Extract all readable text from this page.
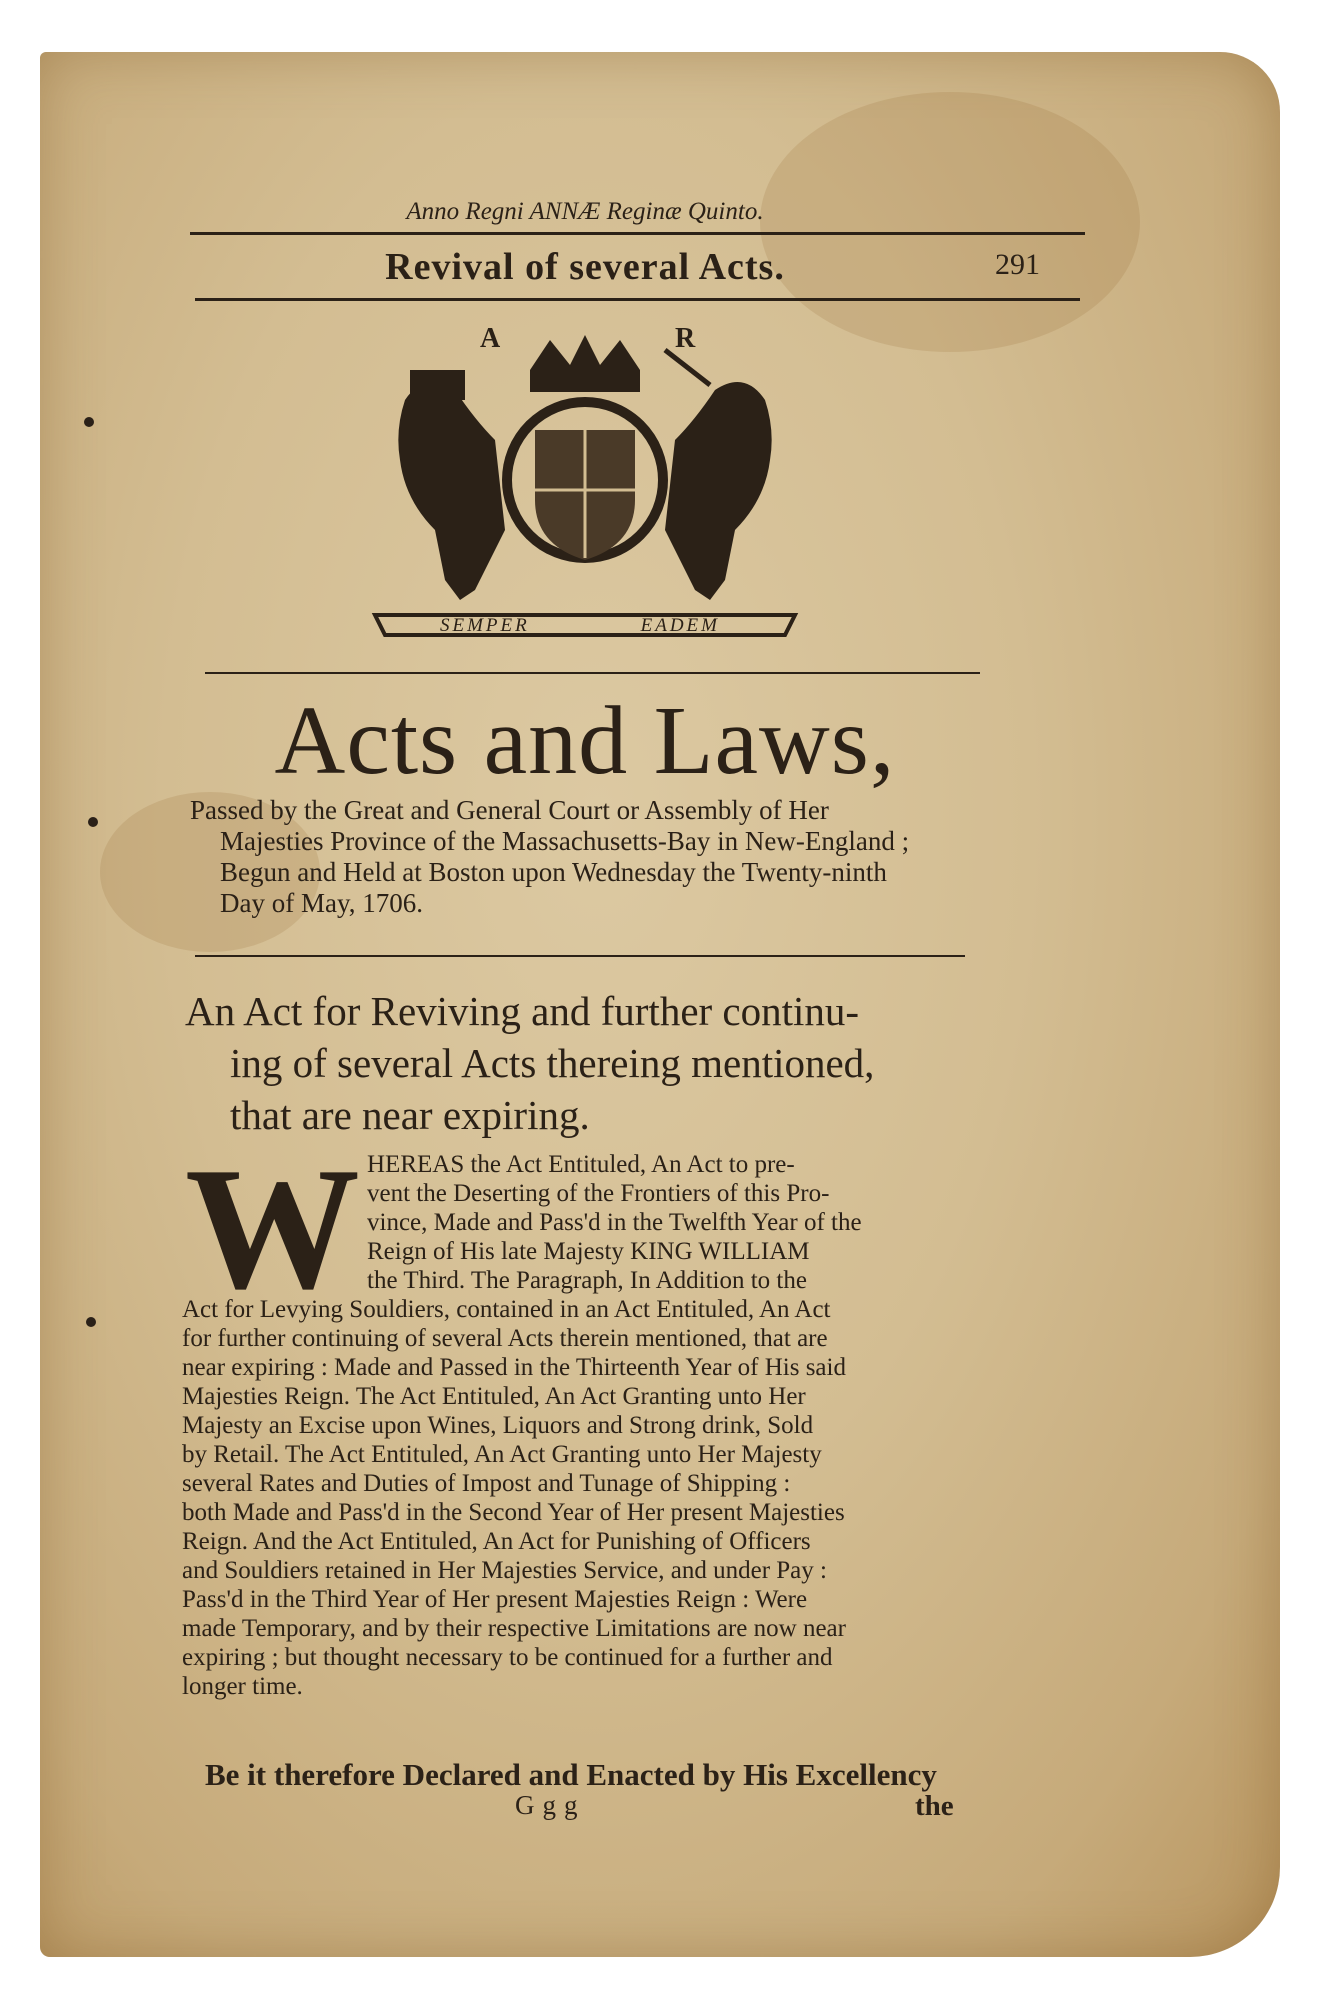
Anno Regni ANNÆ Reginæ Quinto.
Revival of several Acts.	291
A	R
SEMPER	EADEM
Acts and Laws,
Passed by the Great and General Court or Assembly of Her
Majesties Province of the Massachusetts-Bay in New-England ;
Begun and Held at Boston upon Wednesday the Twenty-ninth
Day of May, 1706.
An Act for Reviving and further continu-
ing of several Acts thereing mentioned,
that are near expiring.
W HEREAS the Act Entituled, An Act to pre-
vent the Deserting of the Frontiers of this Pro-
vince, Made and Pass'd in the Twelfth Year of the
Reign of His late Majesty KING WILLIAM
the Third. The Paragraph, In Addition to the
Act for Levying Souldiers, contained in an Act Entituled, An Act
for further continuing of several Acts therein mentioned, that are
near expiring : Made and Passed in the Thirteenth Year of His said
Majesties Reign. The Act Entituled, An Act Granting unto Her
Majesty an Excise upon Wines, Liquors and Strong drink, Sold
by Retail. The Act Entituled, An Act Granting unto Her Majesty
several Rates and Duties of Impost and Tunage of Shipping :
both Made and Pass'd in the Second Year of Her present Majesties
Reign. And the Act Entituled, An Act for Punishing of Officers
and Souldiers retained in Her Majesties Service, and under Pay :
Pass'd in the Third Year of Her present Majesties Reign : Were
made Temporary, and by their respective Limitations are now near
expiring ; but thought necessary to be continued for a further and
longer time.
Be it therefore Declared and Enacted by His Excellency
Ggg	the
